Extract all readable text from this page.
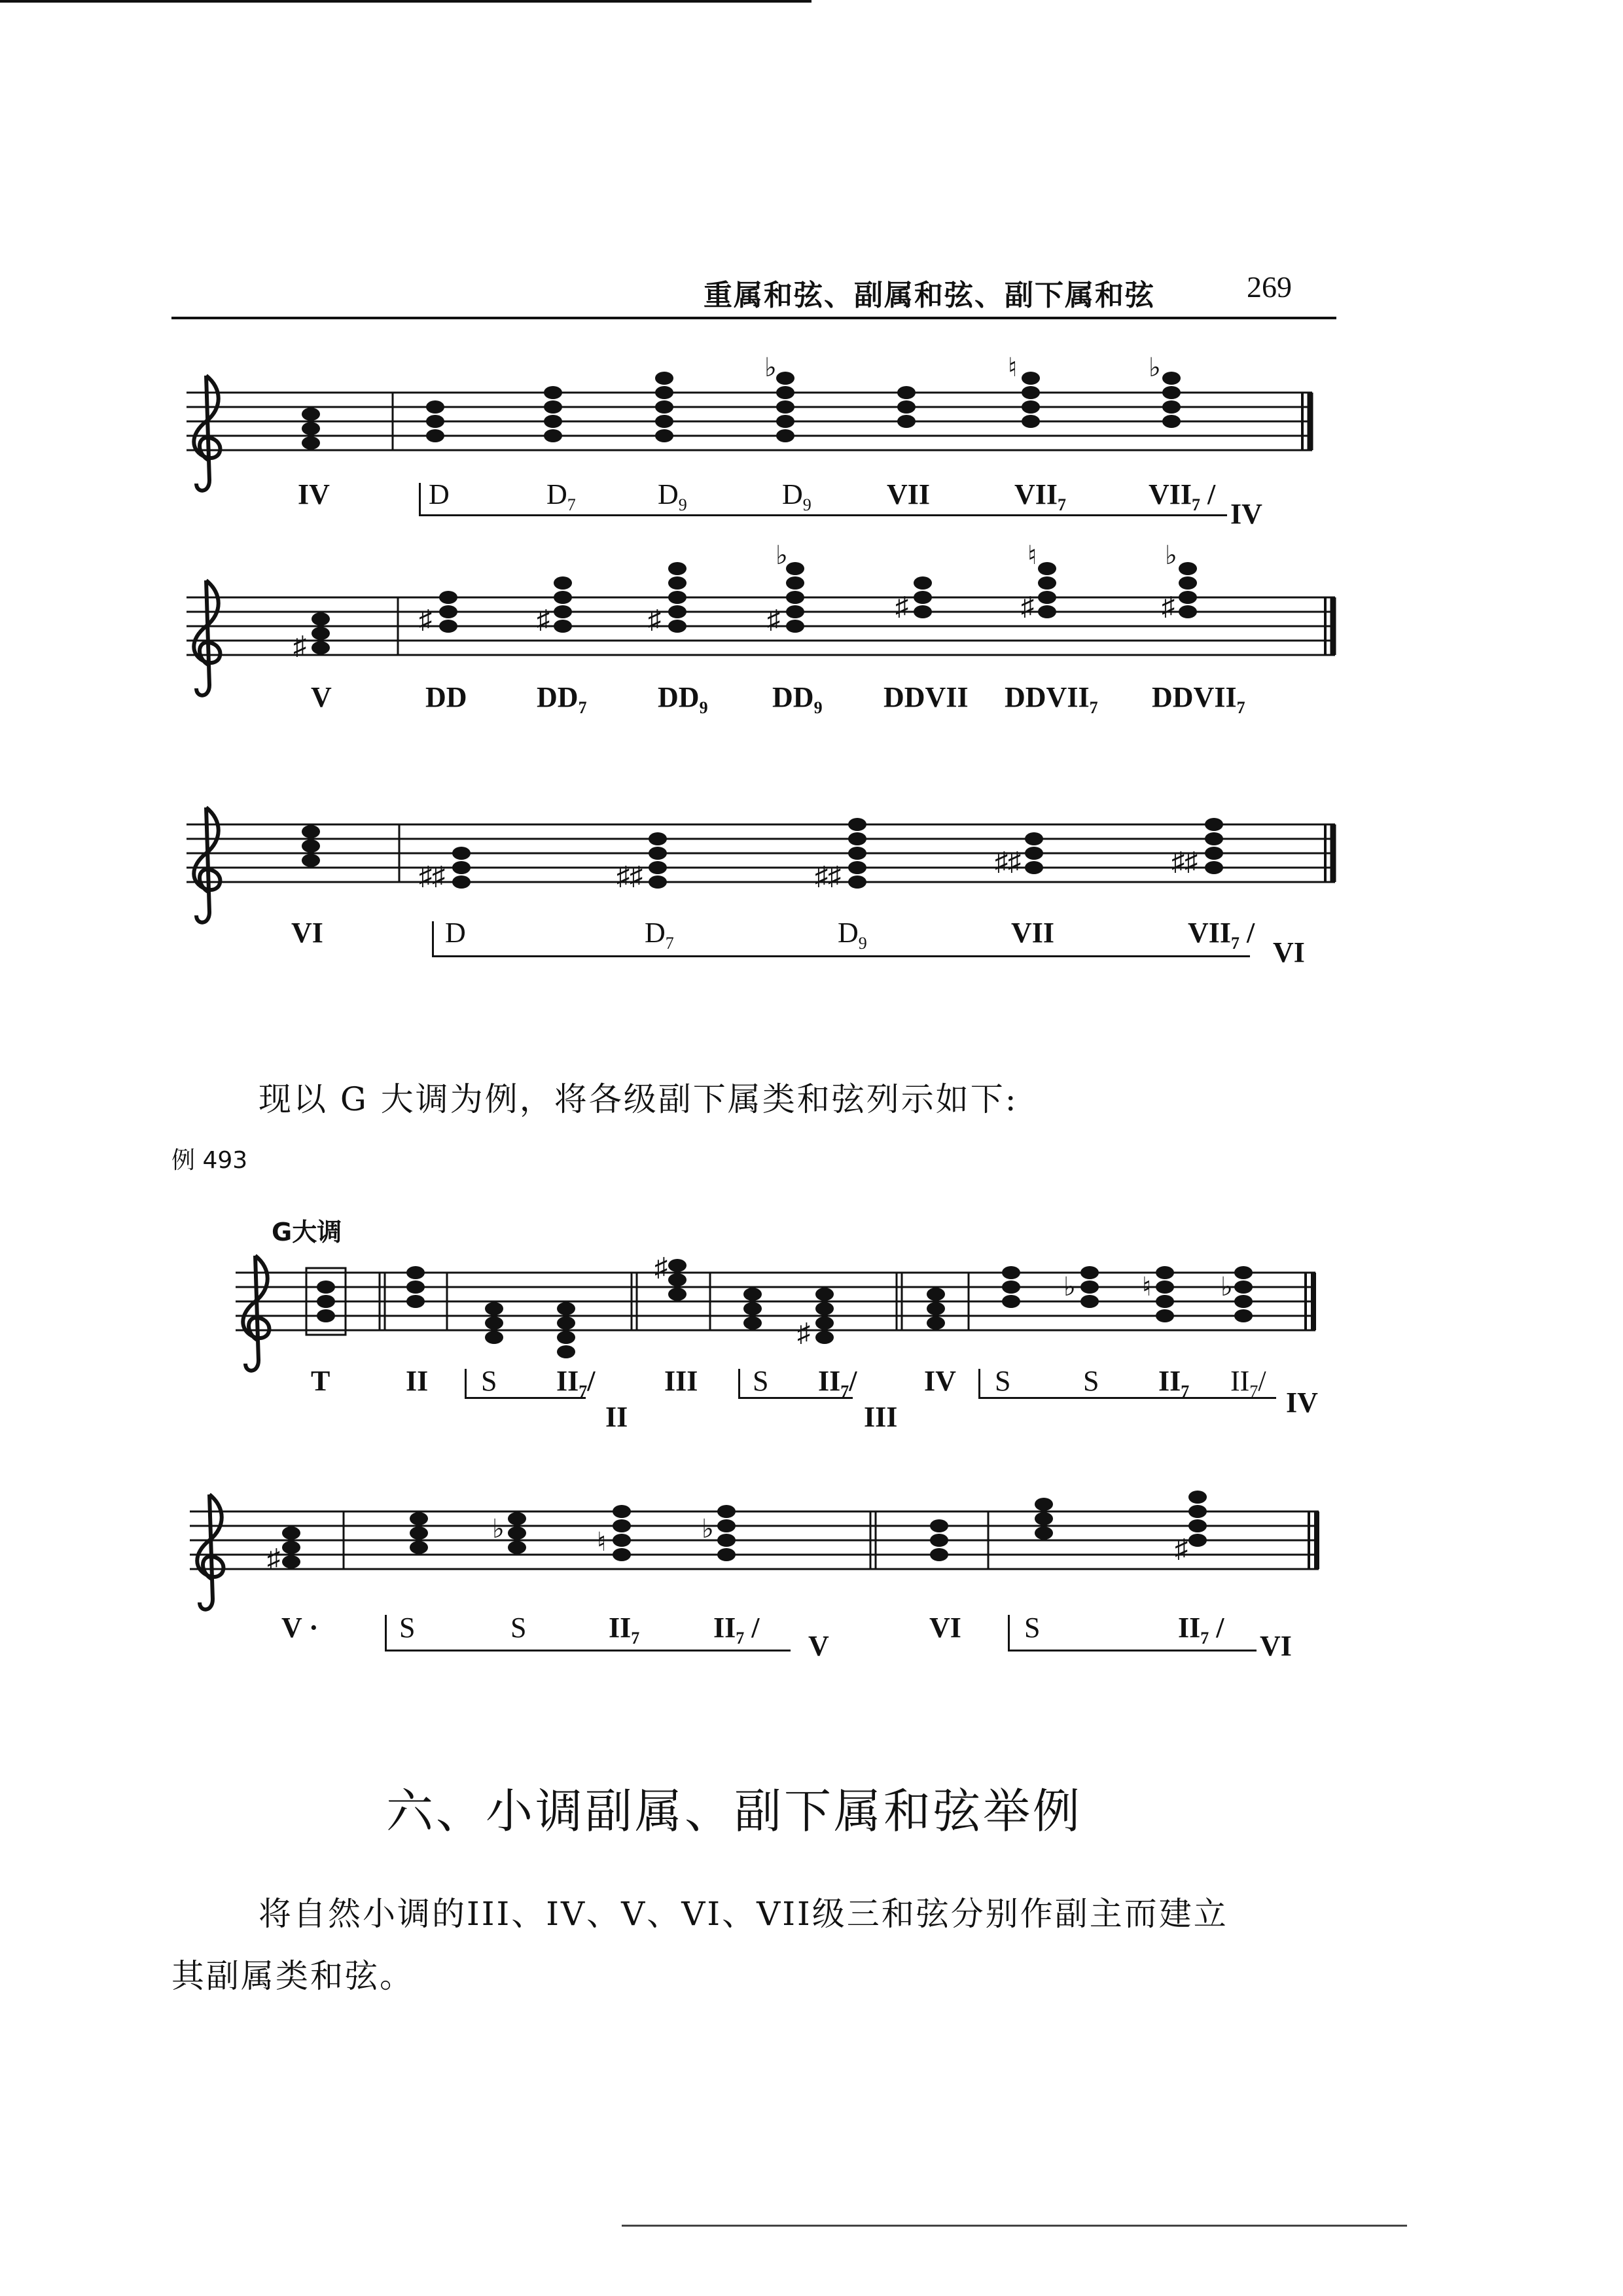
重属和弦、副属和弦、副下属和弦	269
♭	♮	♭
♯
♯	♯	♯	♯
♭
♯	♯
♮
♯
♭
♯♯	♯♯	♯♯	♯♯	♯♯
♯
♯
♭	♮	♭
♯
♭	♮	♭
♯
IV	D	$D_7$	$D_9$	$D_9$	VII	$VII_7$	$VII_7$ /
IV
V	DD $DD_7$ $DD_9$ $DD_9$ DDVII $DDVII_7$ $DDVII_7$
VI	D	$D_7$	$D_9$	VII	$VII_7$ /
VI
现以 G 大调为例，将各级副下属类和弦列示如下:
例 493
G大调
T	II S $II_7/$
II
III S $II_7/$
III
IV S	S $II_7$ $II_7/$
IV
V ·	S	S	$II_7$	$II_7$ /
V
VI S	$II_7$ /
VI
六、小调副属、副下属和弦举例
将自然小调的III、IV、V、VI、VII级三和弦分别作副主而建立
其副属类和弦。
